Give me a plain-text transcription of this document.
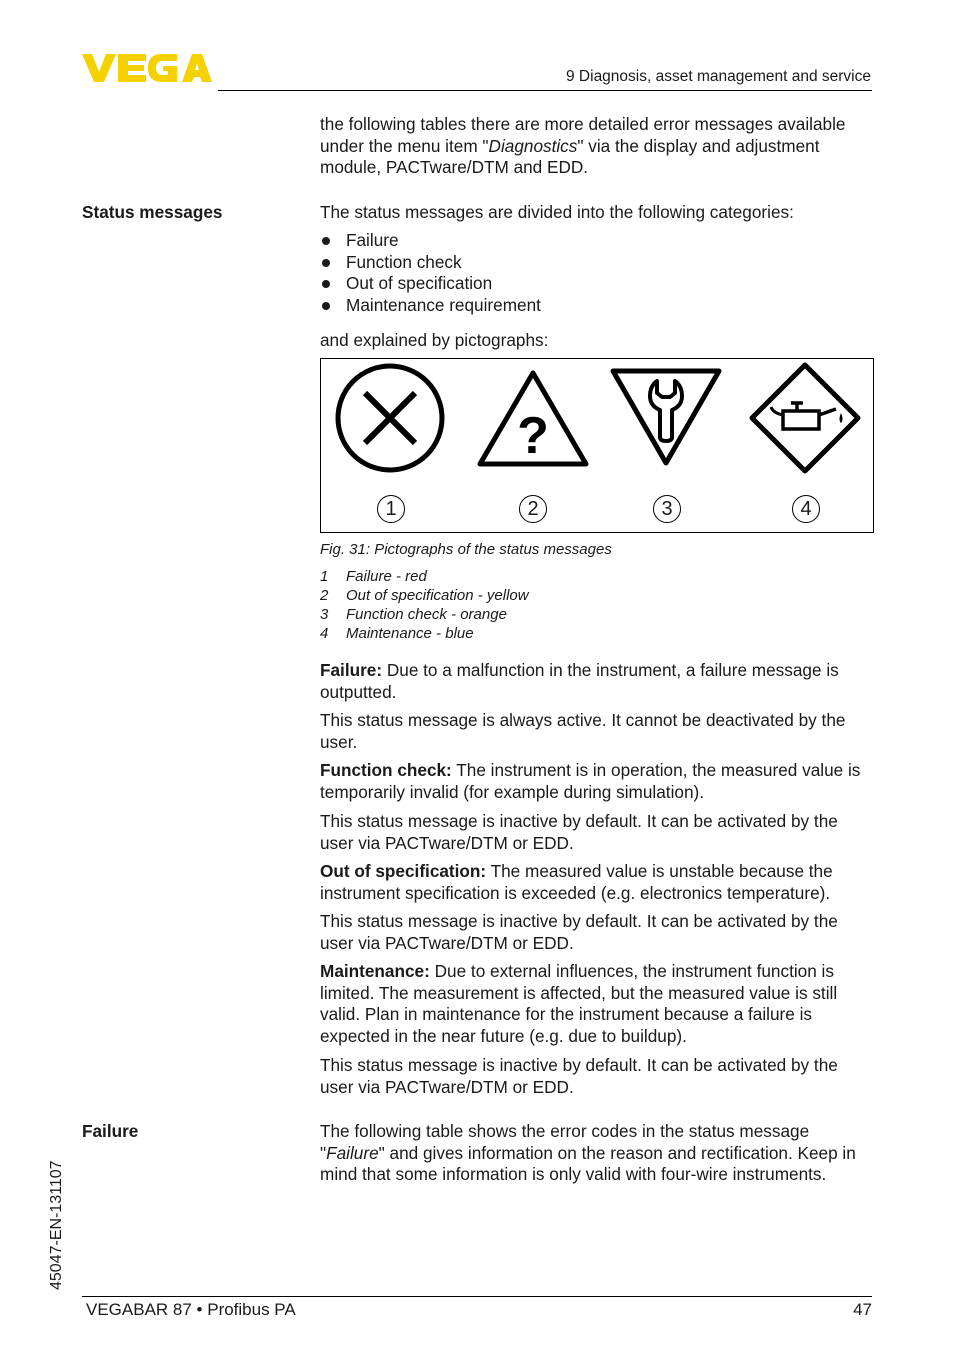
9 Diagnosis, asset management and service

the following tables there are more detailed error messages available under the menu item "Diagnostics" via the display and adjustment module, PACTware/DTM and EDD.

Status messages	The status messages are divided into the following categories:
Failure
Function check
Out of specification
Maintenance requirement
and explained by pictographs:
?
1	2	3	4
Fig. 31: Pictographs of the status messages
1 Failure - red
2 Out of specification - yellow
3 Function check - orange
4 Maintenance - blue

Failure: Due to a malfunction in the instrument, a failure message is outputted.

This status message is always active. It cannot be deactivated by the user.

Function check: The instrument is in operation, the measured value is temporarily invalid (for example during simulation).

This status message is inactive by default. It can be activated by the user via PACTware/DTM or EDD.

Out of specification: The measured value is unstable because the instrument specification is exceeded (e.g. electronics temperature).

This status message is inactive by default. It can be activated by the user via PACTware/DTM or EDD.

Maintenance: Due to external influences, the instrument function is limited. The measurement is affected, but the measured value is still valid. Plan in maintenance for the instrument because a failure is expected in the near future (e.g. due to buildup).

This status message is inactive by default. It can be activated by the user via PACTware/DTM or EDD.
Failure	The following table shows the error codes in the status message "Failure" and gives information on the reason and rectification. Keep in mind that some information is only valid with four-wire instruments.

45047-EN-131107
VEGABAR 87 • Profibus PA	47
